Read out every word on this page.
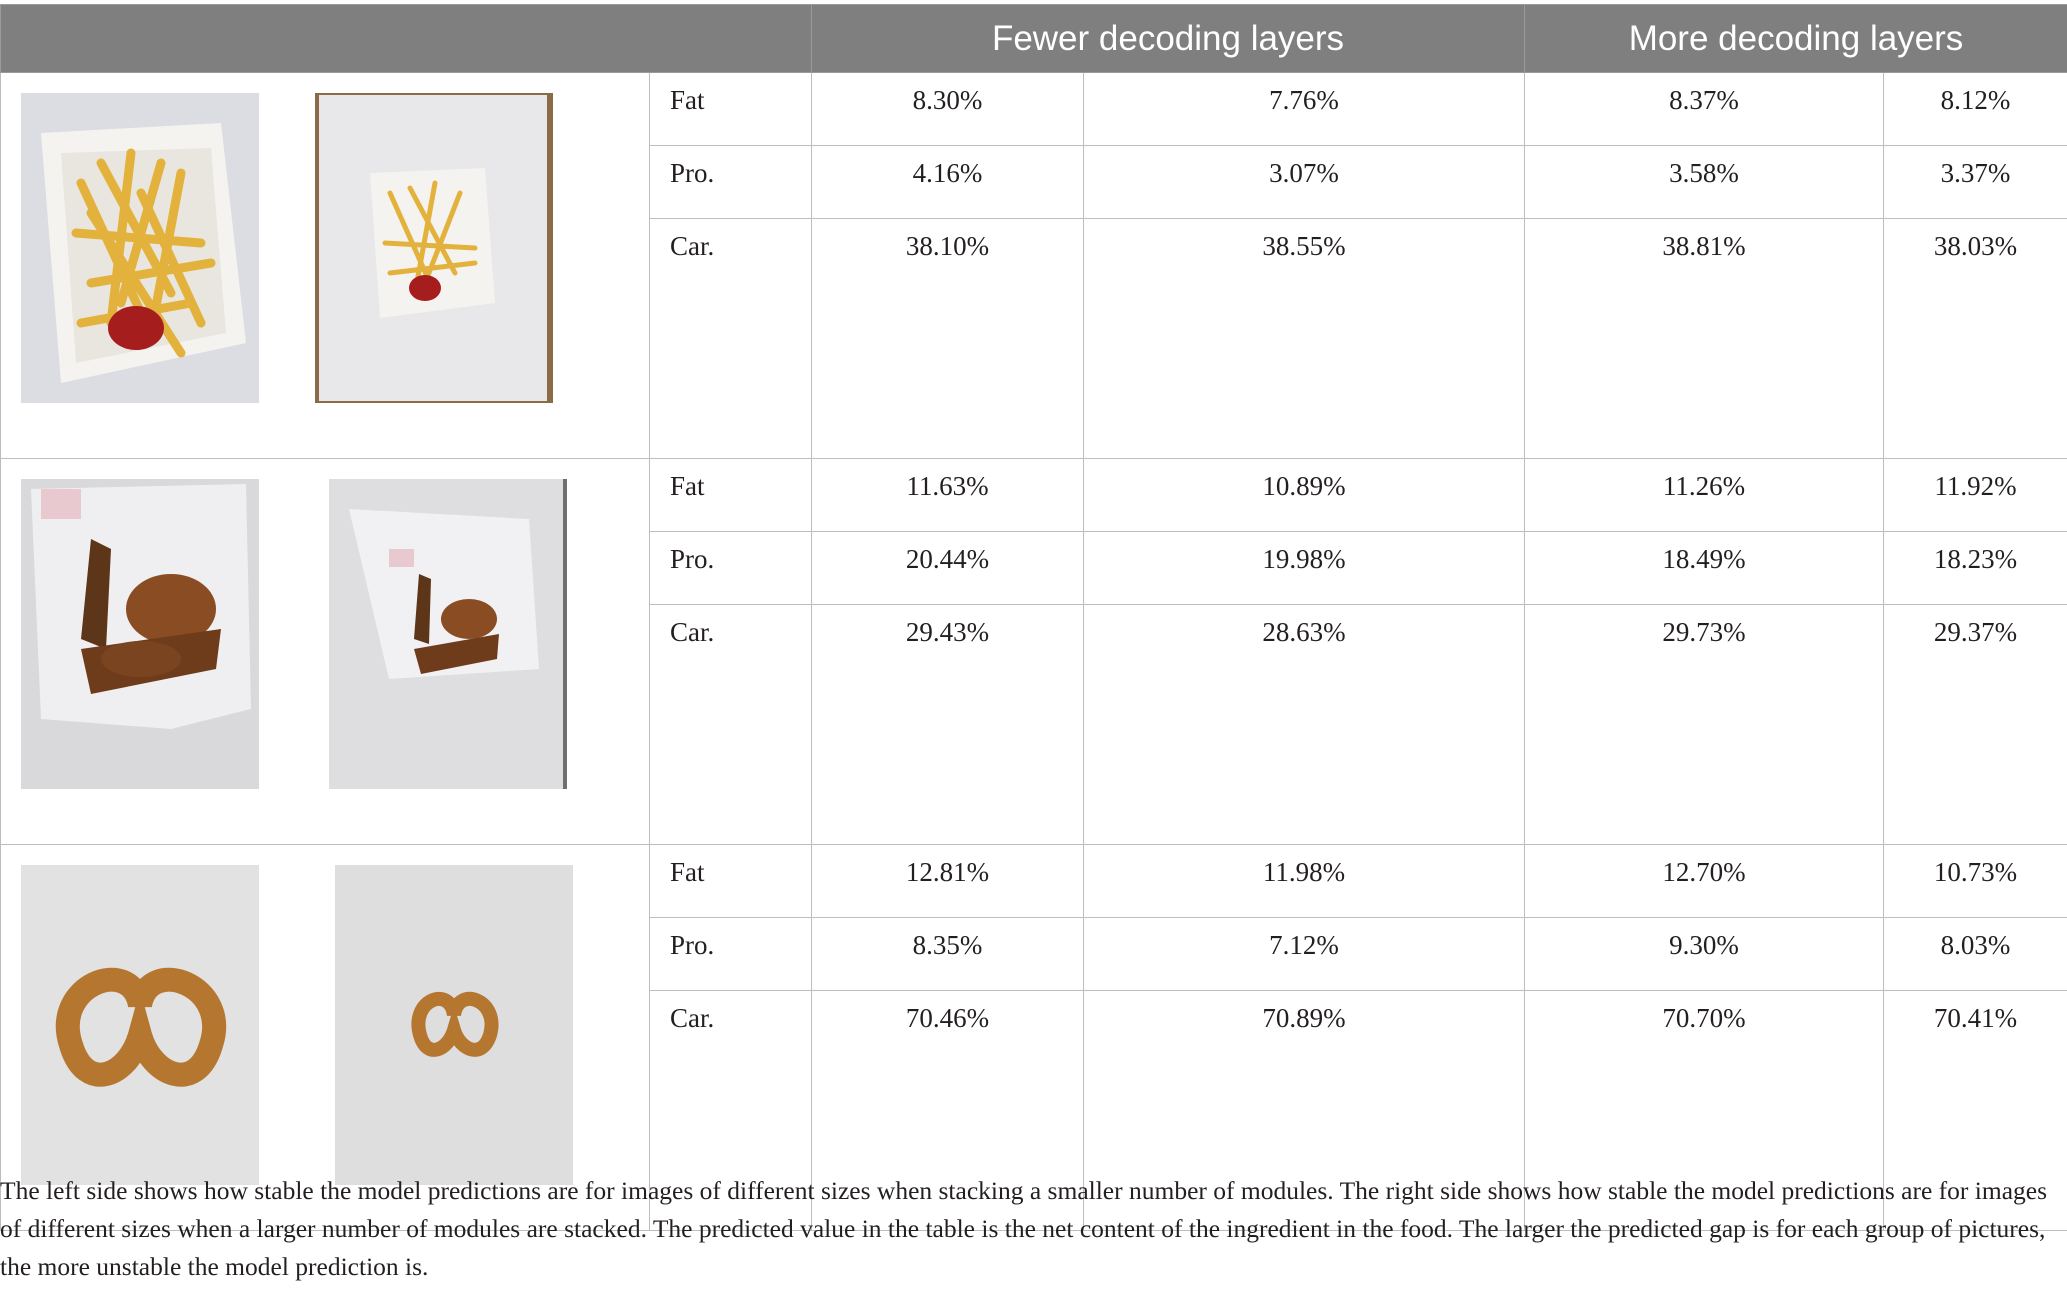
		Fewer decoding layers		More decoding layers	

	Fat	8.30%	7.76%	8.37%	8.12%
	Pro.	4.16%	3.07%	3.58%	3.37%
	Car.	38.10%	38.55%	38.81%	38.03%

	Fat	11.63%	10.89%	11.26%	11.92%
	Pro.	20.44%	19.98%	18.49%	18.23%
	Car.	29.43%	28.63%	29.73%	29.37%

	Fat	12.81%	11.98%	12.70%	10.73%
	Pro.	8.35%	7.12%	9.30%	8.03%
	Car.	70.46%	70.89%	70.70%	70.41%
The left side shows how stable the model predictions are for images of different sizes when stacking a smaller number of modules. The right side shows how stable the model predictions are for images of different sizes when a larger number of modules are stacked. The predicted value in the table is the net content of the ingredient in the food. The larger the predicted gap is for each group of pictures, the more unstable the model prediction is.
